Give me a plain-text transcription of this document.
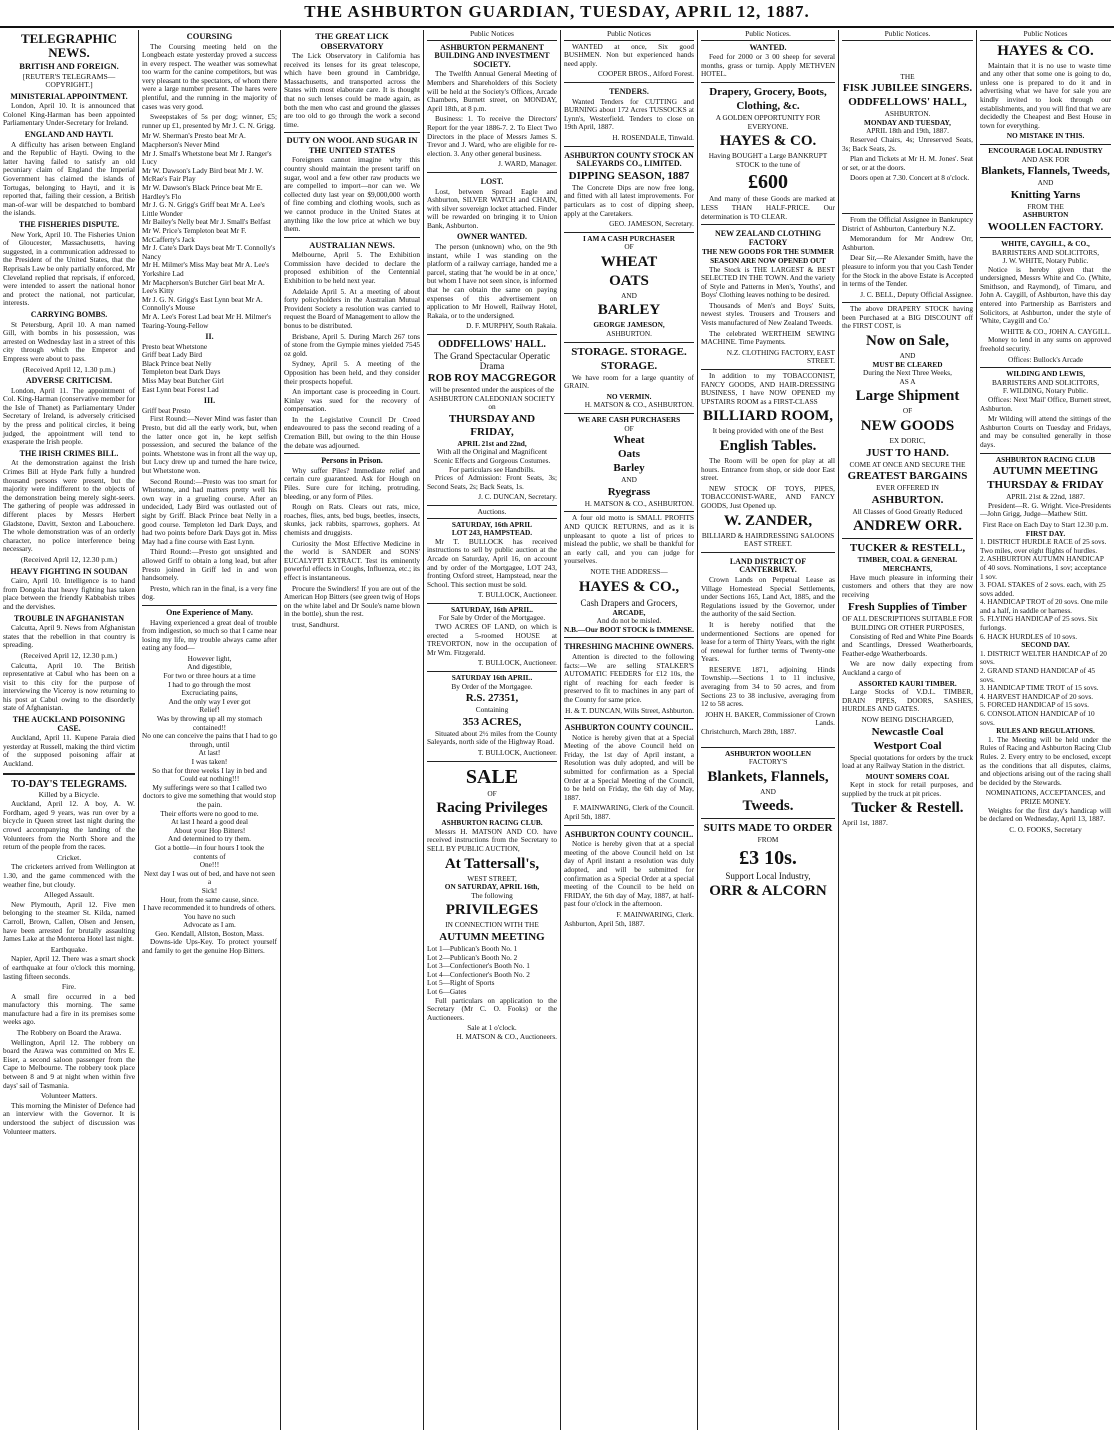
THE ASHBURTON GUARDIAN, TUESDAY, APRIL 12, 1887.
TELEGRAPHIC NEWS.
BRITISH AND FOREIGN.
[REUTER'S TELEGRAMS—COPYRIGHT.]
MINISTERIAL APPOINTMENT.

London, April 10. It is announced that Colonel King-Harman has been appointed Parliamentary Under-Secretary for Ireland.

ENGLAND AND HAYTI.

A difficulty has arisen between England and the Republic of Hayti. Owing to the latter having failed to satisfy an old pecuniary claim of England the Imperial Government has claimed the islands of Tortugas, belonging to Hayti, and it is reported that, failing their cession, a British man-of-war will be despatched to bombard the islands.

THE FISHERIES DISPUTE.

New York, April 10. The Fisheries Union of Gloucester, Massachusetts, having suggested, in a communication addressed to the President of the United States, that the Reprisals Law be only partially enforced, Mr Cleveland replied that reprisals, if enforced, were intended to assert the national honor and protect the national, not particular, interests.

CARRYING BOMBS.

St Petersburg, April 10. A man named Gill, with bombs in his possession, was arrested on Wednesday last in a street of this city through which the Emperor and Empress were about to pass.

(Received April 12, 1.30 p.m.)
ADVERSE CRITICISM.

London, April 11. The appointment of Col. King-Harman (conservative member for the Isle of Thanet) as Parliamentary Under Secretary of Ireland, is adversely criticised by the press and political circles, it being judged, the appointment will tend to exasperate the Irish people.

THE IRISH CRIMES BILL.

At the demonstration against the Irish Crimes Bill at Hyde Park fully a hundred thousand persons were present, but the majority were indifferent to the objects of the demonstration being merely sight-seers. The gathering of people was addressed in different places by Messrs Herbert Gladstone, Davitt, Sexton and Labouchere. The whole demonstration was of an orderly character, no police interference being necessary.

(Received April 12, 12.30 p.m.)
HEAVY FIGHTING IN SOUDAN

Cairo, April 10. Intelligence is to hand from Dongola that heavy fighting has taken place between the friendly Kabbabish tribes and the dervishes.

TROUBLE IN AFGHANISTAN

Calcutta, April 9. News from Afghanistan states that the rebellion in that country is spreading.

(Received April 12, 12.30 p.m.)

Calcutta, April 10. The British representative at Cabul who has been on a visit to this city for the purpose of interviewing the Viceroy is now returning to his post at Cabul owing to the disorderly state of Afghanistan.

THE AUCKLAND POISONING CASE.

Auckland, April 11. Kupene Paraia died yesterday at Russell, making the third victim of the supposed poisoning affair at Auckland.

TO-DAY'S TELEGRAMS.
Killed by a Bicycle.

Auckland, April 12. A boy, A. W. Fordham, aged 9 years, was run over by a bicycle in Queen street last night during the crowd accompanying the landing of the Volunteers from the North Shore and the return of the people from the races.

Cricket.

The cricketers arrived from Wellington at 1.30, and the game commenced with the weather fine, but cloudy.

Alleged Assault.

New Plymouth, April 12. Five men belonging to the steamer St. Kilda, named Carroll, Brown, Callen, Olsen and Jensen, have been arrested for brutally assaulting James Lake at the Monteroa Hotel last night.

Earthquake.

Napier, April 12. There was a smart shock of earthquake at four o'clock this morning, lasting fifteen seconds.

Fire.

A small fire occurred in a bed manufactory this morning. The same manufacture had a fire in its premises some weeks ago.

The Robbery on Board the Arawa.

Wellington, April 12. The robbery on board the Arawa was committed on Mrs E. Eiser, a second saloon passenger from the Cape to Melbourne. The robbery took place between 8 and 9 at night when within five days' sail of Tasmania.

Volunteer Matters.

This morning the Minister of Defence had an interview with the Governor. It is understood the subject of discussion was Volunteer matters.

COURSING

The Coursing meeting held on the Longbeach estate yesterday proved a success in every respect. The weather was somewhat too warm for the canine competitors, but was very pleasant to the spectators, of whom there were a large number present. The hares were plentiful, and the running in the majority of cases was very good.

Sweepstakes of 5s per dog; winner, £5; runner up £1, presented by Mr J. C. N. Grigg.

Mr W. Sherman's Presto beat Mr A. Macpherson's Never Mind
Mr J. Small's Whetstone beat Mr J. Ranger's Lucy
Mr W. Dawson's Lady Bird beat Mr J. W. McRae's Fair Play
Mr W. Dawson's Black Prince beat Mr E. Hardley's Flo
Mr J. G. N. Grigg's Griff beat Mr A. Lee's Little Wonder
Mr Bailey's Nelly beat Mr J. Small's Belfast
Mr W. Price's Templeton beat Mr F. McCafferty's Jack
Mr J. Cate's Dark Days beat Mr T. Connolly's Nancy
Mr H. Milmer's Miss May beat Mr A. Lee's Yorkshire Lad
Mr Macpherson's Butcher Girl beat Mr A. Lee's Kitty
Mr J. G. N. Grigg's East Lynn beat Mr A. Connolly's Mouse
Mr A. Lee's Forest Lad beat Mr H. Milmer's Tearing-Young-Fellow
II.
Presto beat Whetstone
Griff beat Lady Bird
Black Prince beat Nelly
Templeton beat Dark Days
Miss May beat Butcher Girl
East Lynn beat Forest Lad
III.
Griff beat Presto

First Round:—Never Mind was faster than Presto, but did all the early work, but, when the latter once got in, he kept selfish possession, and secured the balance of the points. Whetstone was in front all the way up, but Lucy drew up and turned the hare twice, but Whetstone won.

Second Round:—Presto was too smart for Whetstone, and had matters pretty well his own way in a grueling course. After an undecided, Lady Bird was outlasted out of sight by Griff. Black Prince beat Nelly in a good course. Templeton led Dark Days, and had two points before Dark Days got in. Miss May had a fine course with East Lynn.

Third Round:—Presto got unsighted and allowed Griff to obtain a long lead, but after Presto joined in Griff led in and won handsomely.

Presto, which ran in the final, is a very fine dog.

One Experience of Many.

Having experienced a great deal of trouble from indigestion, so much so that I came near losing my life, my trouble always came after eating any food—

However light,
And digestible,
For two or three hours at a time
I had to go through the most
Excruciating pains,
And the only way I ever got
Relief!
Was by throwing up all my stomach contained!!
No one can conceive the pains that I had to go through, until
At last!
I was taken!
So that for three weeks I lay in bed and
Could eat nothing!!!
My sufferings were so that I called two doctors to give me something that would stop the pain.
Their efforts were no good to me.
At last I heard a good deal
About your Hop Bitters!
And determined to try them.
Got a bottle—in four hours I took the contents of
One!!!
Next day I was out of bed, and have not seen a
Sick!
Hour, from the same cause, since.
I have recommended it to hundreds of others. You have no such
Advocate as I am.
Geo. Kendall, Allston, Boston, Mass.

Downs-ide Ups-Key. To protect yourself and family to get the genuine Hop Bitters.

THE GREAT LICK OBSERVATORY

The Lick Observatory in California has received its lenses for its great telescope, which have been ground in Cambridge, Massachusetts, and transported across the States with most elaborate care. It is thought that no such lenses could be made again, as both the men who cast and ground the glasses are too old to go through the work a second time.

DUTY ON WOOL AND SUGAR IN THE UNITED STATES

Foreigners cannot imagine why this country should maintain the present tariff on sugar, wool and a few other raw products we are compelled to import—nor can we. We collected duty last year on $9,000,000 worth of fine combing and clothing wools, such as we cannot produce in the United States at anything like the low price at which we buy them.

AUSTRALIAN NEWS.

Melbourne, April 5. The Exhibition Commission have decided to declare the proposed exhibition of the Centennial Exhibition to be held next year.

Adelaide April 5. At a meeting of about forty policyholders in the Australian Mutual Provident Society a resolution was carried to request the Board of Management to allow the bonus to be distributed.

Brisbane, April 5. During March 267 tons of stone from the Gympie mines yielded 7545 oz gold.

Sydney, April 5. A meeting of the Opposition has been held, and they consider their prospects hopeful.

An important case is proceeding in Court. Kinlay was sued for the recovery of compensation.

In the Legislative Council Dr Creed endeavoured to pass the second reading of a Cremation Bill, but owing to the thin House the debate was adjourned.

Persons in Prison.

Why suffer Piles? Immediate relief and certain cure guaranteed. Ask for Hough on Piles. Sure cure for itching, protruding, bleeding, or any form of Piles.

Rough on Rats. Clears out rats, mice, roaches, flies, ants, bed bugs, beetles, insects, skunks, jack rabbits, sparrows, gophers. At chemists and druggists.

Curiosity the Most Effective Medicine in the world is SANDER and SONS' EUCALYPTI EXTRACT. Test its eminently powerful effects in Coughs, Influenza, etc.; its effect is instantaneous.

Procure the Swindlers! If you are out of the American Hop Bitters (see green twig of Hops on the white label and Dr Soule's name blown in the bottle), shun the rest.

trust, Sandhurst.

Public Notices
ASHBURTON PERMANENT BUILDING AND INVESTMENT SOCIETY.

The Twelfth Annual General Meeting of Members and Shareholders of this Society will be held at the Society's Offices, Arcade Chambers, Burnett street, on MONDAY, April 18th, at 8 p.m.

Business: 1. To receive the Directors' Report for the year 1886-7. 2. To Elect Two Directors in the place of Messrs James S. Trevor and J. Ward, who are eligible for re-election. 3. Any other general business.

J. WARD, Manager.
LOST.

Lost, between Spread Eagle and Ashburton, SILVER WATCH and CHAIN, with silver sovereign locket attached. Finder will be rewarded on bringing it to Union Bank, Ashburton.

OWNER WANTED.

The person (unknown) who, on the 9th instant, while I was standing on the platform of a railway carriage, handed me a parcel, stating that 'he would be in at once,' but whom I have not seen since, is informed that he can obtain the same on paying expenses of this advertisement on application to Mr Howell, Railway Hotel, Rakaia, or to the undersigned.

D. F. MURPHY, South Rakaia.
ODDFELLOWS' HALL.
The Grand Spectacular Operatic Drama
ROB ROY MACGREGOR
will be presented under the auspices of the ASHBURTON CALEDONIAN SOCIETY on
THURSDAY AND FRIDAY,
APRIL 21st and 22nd,
With all the Original and Magnificent Scenic Effects and Gorgeous Costumes.
For particulars see Handbills.

Prices of Admission: Front Seats, 3s; Second Seats, 2s; Back Seats, 1s.

J. C. DUNCAN, Secretary.
Auctions.
SATURDAY, 16th APRIL
LOT 243, HAMPSTEAD.

Mr T. BULLOCK has received instructions to sell by public auction at the Arcade on Saturday, April 16, on account and by order of the Mortgagee, LOT 243, fronting Oxford street, Hampstead, near the School. This section must be sold.

T. BULLOCK, Auctioneer.
SATURDAY, 16th APRIL.
For Sale by Order of the Mortgagee.

TWO ACRES OF LAND, on which is erected a 5-roomed HOUSE at TREVORTON, now in the occupation of Mr Wm. Fitzgerald.

T. BULLOCK, Auctioneer.
SATURDAY 16th APRIL.
By Order of the Mortgagee.
R.S. 27351,
Containing
353 ACRES,

Situated about 2½ miles from the County Saleyards, north side of the Highway Road.

T. BULLOCK, Auctioneer.
SALE
OF
Racing Privileges
ASHBURTON RACING CLUB.

Messrs H. MATSON AND CO. have received instructions from the Secretary to SELL BY PUBLIC AUCTION,

At Tattersall's,
WEST STREET,
ON SATURDAY, APRIL 16th,
The following
PRIVILEGES
IN CONNECTION WITH THE
AUTUMN MEETING
Lot 1—Publican's Booth No. 1
Lot 2—Publican's Booth No. 2
Lot 3—Confectioner's Booth No. 1
Lot 4—Confectioner's Booth No. 2
Lot 5—Right of Sports
Lot 6—Gates

Full particulars on application to the Secretary (Mr C. O. Fooks) or the Auctioneers.

Sale at 1 o'clock.
H. MATSON & CO., Auctioneers.
Public Notices

WANTED at once, Six good BUSHMEN. Non but experienced hands need apply.

COOPER BROS., Alford Forest.
TENDERS.

Wanted Tenders for CUTTING and BURNING about 172 Acres TUSSOCKS at Lynn's, Westerfield. Tenders to close on 19th April, 1887.

H. ROSENDALE, Tinwald.
ASHBURTON COUNTY STOCK AN SALEYARDS CO., LIMITED.
DIPPING SEASON, 1887

The Concrete Dips are now free long, and fitted with all latest improvements. For particulars as to cost of dipping sheep, apply at the Caretakers.

GEO. JAMESON, Secretary.
I AM A CASH PURCHASER
OF
WHEAT
OATS
AND
BARLEY
GEORGE JAMESON,
ASHBURTON.
STORAGE. STORAGE.
STORAGE.

We have room for a large quantity of GRAIN.

NO VERMIN.
H. MATSON & CO., ASHBURTON.
WE ARE CASH PURCHASERS
OF
Wheat
Oats
Barley
AND
Ryegrass
H. MATSON & CO., ASHBURTON.

A four old motto is SMALL PROFITS AND QUICK RETURNS, and as it is unpleasant to quote a list of prices to mislead the public, we shall be thankful for an early call, and you can judge for yourselves.

NOTE THE ADDRESS—
HAYES & CO.,
Cash Drapers and Grocers,
ARCADE,
And do not be misled.
N.B.—Our BOOT STOCK is IMMENSE.
THRESHING MACHINE OWNERS.

Attention is directed to the following facts:—We are selling STALKER'S AUTOMATIC FEEDERS for £12 10s, the right of reaching for each feeder is preserved to fit to machines in any part of the County for same price.

H. & T. DUNCAN, Wills Street, Ashburton.
ASHBURTON COUNTY COUNCIL.

Notice is hereby given that at a Special Meeting of the above Council held on Friday, the 1st day of April instant, a Resolution was duly adopted, and will be submitted for confirmation as a Special Order at a Special Meeting of the Council, to be held on Friday, the 6th day of May, 1887.

F. MAINWARING, Clerk of the Council.
April 5th, 1887.
ASHBURTON COUNTY COUNCIL.

Notice is hereby given that at a special meeting of the above Council held on 1st day of April instant a resolution was duly adopted, and will be submitted for confirmation as a Special Order at a special meeting of the Council to be held on FRIDAY, the 6th day of May, 1887, at half-past four o'clock in the afternoon.

F. MAINWARING, Clerk.
Ashburton, April 5th, 1887.
Public Notices.
WANTED.

Feed for 2000 or 3 00 sheep for several months, grass or turnip. Apply METHVEN HOTEL.

Drapery, Grocery, Boots,
Clothing, &c.
A GOLDEN OPPORTUNITY FOR EVERYONE.
HAYES & CO.
Having BOUGHT a Large BANKRUPT STOCK to the tune of
£600

And many of these Goods are marked at LESS THAN HALF-PRICE. Our determination is TO CLEAR.

NEW ZEALAND CLOTHING FACTORY
THE NEW GOODS FOR THE SUMMER SEASON ARE NOW OPENED OUT

The Stock is THE LARGEST & BEST SELECTED IN THE TOWN. And the variety of Style and Patterns in Men's, Youths', and Boys' Clothing leaves nothing to be desired.

Thousands of Men's and Boys' Suits, newest styles. Trousers and Trousers and Vests manufactured of New Zealand Tweeds.

The celebrated WERTHEIM SEWING MACHINE. Time Payments.

N.Z. CLOTHING FACTORY, EAST STREET.

In addition to my TOBACCONIST, FANCY GOODS, AND HAIR-DRESSING BUSINESS, I have NOW OPENED my UPSTAIRS ROOM as a FIRST-CLASS

BILLIARD ROOM,
It being provided with one of the Best
English Tables.

The Room will be open for play at all hours. Entrance from shop, or side door East street.

NEW STOCK OF TOYS, PIPES, TOBACCONIST-WARE, AND FANCY GOODS, Just Opened up.

W. ZANDER,
BILLIARD & HAIRDRESSING SALOONS EAST STREET.
LAND DISTRICT OF CANTERBURY.

Crown Lands on Perpetual Lease as Village Homestead Special Settlements, under Sections 165, Land Act, 1885, and the Regulations issued by the Governor, under the authority of the said Section.

It is hereby notified that the undermentioned Sections are opened for lease for a term of Thirty Years, with the right of renewal for further terms of Twenty-one Years.

RESERVE 1871, adjoining Hinds Township.—Sections 1 to 11 inclusive, averaging from 34 to 50 acres, and from Sections 23 to 38 inclusive, averaging from 12 to 58 acres.

JOHN H. BAKER, Commissioner of Crown Lands.
Christchurch, March 28th, 1887.
ASHBURTON WOOLLEN
FACTORY'S
Blankets, Flannels,
AND
Tweeds.
SUITS MADE TO ORDER
FROM
£3 10s.
Support Local Industry,
ORR & ALCORN
Public Notices.
THE
FISK JUBILEE SINGERS.
ODDFELLOWS' HALL,
ASHBURTON.
MONDAY AND TUESDAY,
APRIL 18th and 19th, 1887.

Reserved Chairs, 4s; Unreserved Seats, 3s; Back Seats, 2s.

Plan and Tickets at Mr H. M. Jones'. Seat or set, or at the doors.

Doors open at 7.30. Concert at 8 o'clock.

From the Official Assignee in Bankruptcy District of Ashburton, Canterbury N.Z.

Memorandum for Mr Andrew Orr, Ashburton.

Dear Sir,—Re Alexander Smith, have the pleasure to inform you that you Cash Tender for the Stock in the above Estate is Accepted in terms of the Tender.

J. C. BELL, Deputy Official Assignee.

The above DRAPERY STOCK having been Purchased at a BIG DISCOUNT off the FIRST COST, is

Now on Sale,
AND
MUST BE CLEARED
During the Next Three Weeks,
AS A
Large Shipment
OF
NEW GOODS
EX DORIC,
JUST TO HAND.
COME AT ONCE AND SECURE THE
GREATEST BARGAINS
EVER OFFERED IN
ASHBURTON.
All Classes of Good Greatly Reduced
ANDREW ORR.
TUCKER & RESTELL,
TIMBER, COAL & GENERAL
MERCHANTS,

Have much pleasure in informing their customers and others that they are now receiving

Fresh Supplies of Timber
OF ALL DESCRIPTIONS SUITABLE FOR BUILDING OR OTHER PURPOSES,

Consisting of Red and White Pine Boards and Scantlings, Dressed Weatherboards, Feather-edge Weatherboards.

We are now daily expecting from Auckland a cargo of

ASSORTED KAURI TIMBER.

Large Stocks of V.D.L. TIMBER, DRAIN PIPES, DOORS, SASHES, HURDLES AND GATES.

NOW BEING DISCHARGED,
Newcastle Coal
Westport Coal

Special quotations for orders by the truck load at any Railway Station in the district.

MOUNT SOMERS COAL

Kept in stock for retail purposes, and supplied by the truck at pit prices.

Tucker & Restell.
April 1st, 1887.
Public Notices
HAYES & CO.

Maintain that it is no use to waste time and any other that some one is going to do, unless one is prepared to do it and in advertising what we have for sale you are kindly invited to look through our establishments, and you will find that we are decidedly the Cheapest and Best House in town for everything.

NO MISTAKE IN THIS.
ENCOURAGE LOCAL INDUSTRY
AND ASK FOR
Blankets, Flannels, Tweeds,
AND
Knitting Yarns
FROM THE
ASHBURTON
WOOLLEN FACTORY.
WHITE, CAYGILL, & CO.,
BARRISTERS AND SOLICITORS,
J. W. WHITE, Notary Public.

Notice is hereby given that the undersigned, Messrs White and Co. (White, Smithson, and Raymond), of Timaru, and John A. Caygill, of Ashburton, have this day entered into Partnership as Barristers and Solicitors, at Ashburton, under the style of 'White, Caygill and Co.'

WHITE & CO., JOHN A. CAYGILL.

Money to lend in any sums on approved freehold security.

Offices: Bullock's Arcade
WILDING AND LEWIS,
BARRISTERS AND SOLICITORS,
F. WILDING, Notary Public.

Offices: Next 'Mail' Office, Burnett street, Ashburton.

Mr Wilding will attend the sittings of the Ashburton Courts on Tuesday and Fridays, and may be consulted generally in those days.

ASHBURTON RACING CLUB
AUTUMN MEETING
THURSDAY & FRIDAY
APRIL 21st & 22nd, 1887.

President—R. G. Wright. Vice-Presidents—John Grigg, Judge—Mathew Stitt.

First Race on Each Day to Start 12.30 p.m.
FIRST DAY.
1. DISTRICT HURDLE RACE of 25 sovs. Two miles, over eight flights of hurdles.
2. ASHBURTON AUTUMN HANDICAP of 40 sovs. Nominations, 1 sov; acceptance 1 sov.
3. FOAL STAKES of 2 sovs. each, with 25 sovs added.
4. HANDICAP TROT of 20 sovs. One mile and a half, in saddle or harness.
5. FLYING HANDICAP of 25 sovs. Six furlongs.
6. HACK HURDLES of 10 sovs.
SECOND DAY.
1. DISTRICT WELTER HANDICAP of 20 sovs.
2. GRAND STAND HANDICAP of 45 sovs.
3. HANDICAP TIME TROT of 15 sovs.
4. HARVEST HANDICAP of 20 sovs.
5. FORCED HANDICAP of 15 sovs.
6. CONSOLATION HANDICAP of 10 sovs.
RULES AND REGULATIONS.

1. The Meeting will be held under the Rules of Racing and Ashburton Racing Club Rules. 2. Every entry to be enclosed, except as the conditions that all disputes, claims, and objections arising out of the racing shall be decided by the Stewards.

NOMINATIONS, ACCEPTANCES, and PRIZE MONEY.

Weights for the first day's handicap will be declared on Wednesday, April 13, 1887.

C. O. FOOKS, Secretary
